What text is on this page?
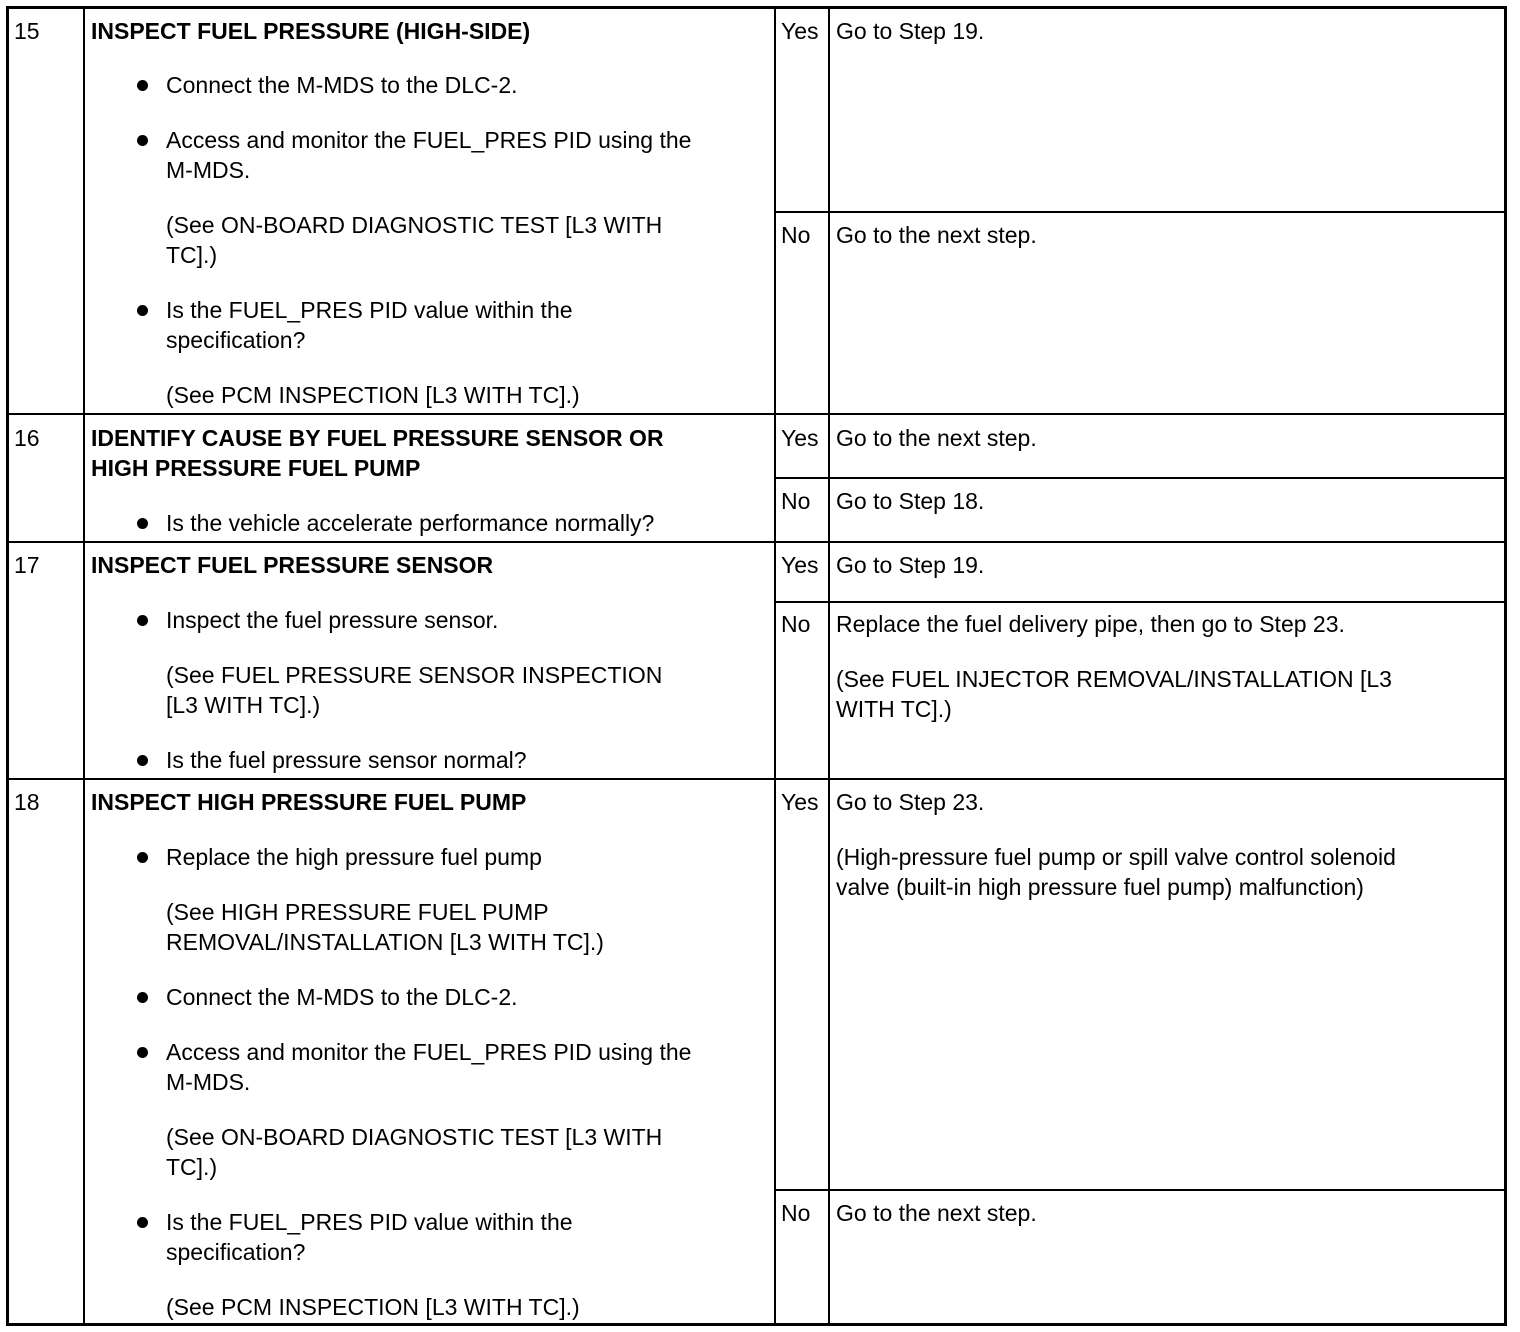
15 INSPECT FUEL PRESSURE (HIGH-SIDE)
Connect the M-MDS to the DLC-2.
Access and monitor the FUEL_PRES PID using the
M-MDS.
(See ON-BOARD DIAGNOSTIC TEST [L3 WITH
TC].)
Is the FUEL_PRES PID value within the
specification?
(See PCM INSPECTION [L3 WITH TC].)
Yes Go to Step 19.
No Go to the next step.
16 IDENTIFY CAUSE BY FUEL PRESSURE SENSOR OR
HIGH PRESSURE FUEL PUMP
Is the vehicle accelerate performance normally?
Yes Go to the next step.
No Go to Step 18.
17 INSPECT FUEL PRESSURE SENSOR
Inspect the fuel pressure sensor.
(See FUEL PRESSURE SENSOR INSPECTION
[L3 WITH TC].)
Is the fuel pressure sensor normal?
Yes Go to Step 19.
No Replace the fuel delivery pipe, then go to Step 23.
(See FUEL INJECTOR REMOVAL/INSTALLATION [L3
WITH TC].)
18 INSPECT HIGH PRESSURE FUEL PUMP
Replace the high pressure fuel pump
(See HIGH PRESSURE FUEL PUMP
REMOVAL/INSTALLATION [L3 WITH TC].)
Connect the M-MDS to the DLC-2.
Access and monitor the FUEL_PRES PID using the
M-MDS.
(See ON-BOARD DIAGNOSTIC TEST [L3 WITH
TC].)
Is the FUEL_PRES PID value within the
specification?
(See PCM INSPECTION [L3 WITH TC].)
Yes Go to Step 23.
(High-pressure fuel pump or spill valve control solenoid
valve (built-in high pressure fuel pump) malfunction)
No Go to the next step.
